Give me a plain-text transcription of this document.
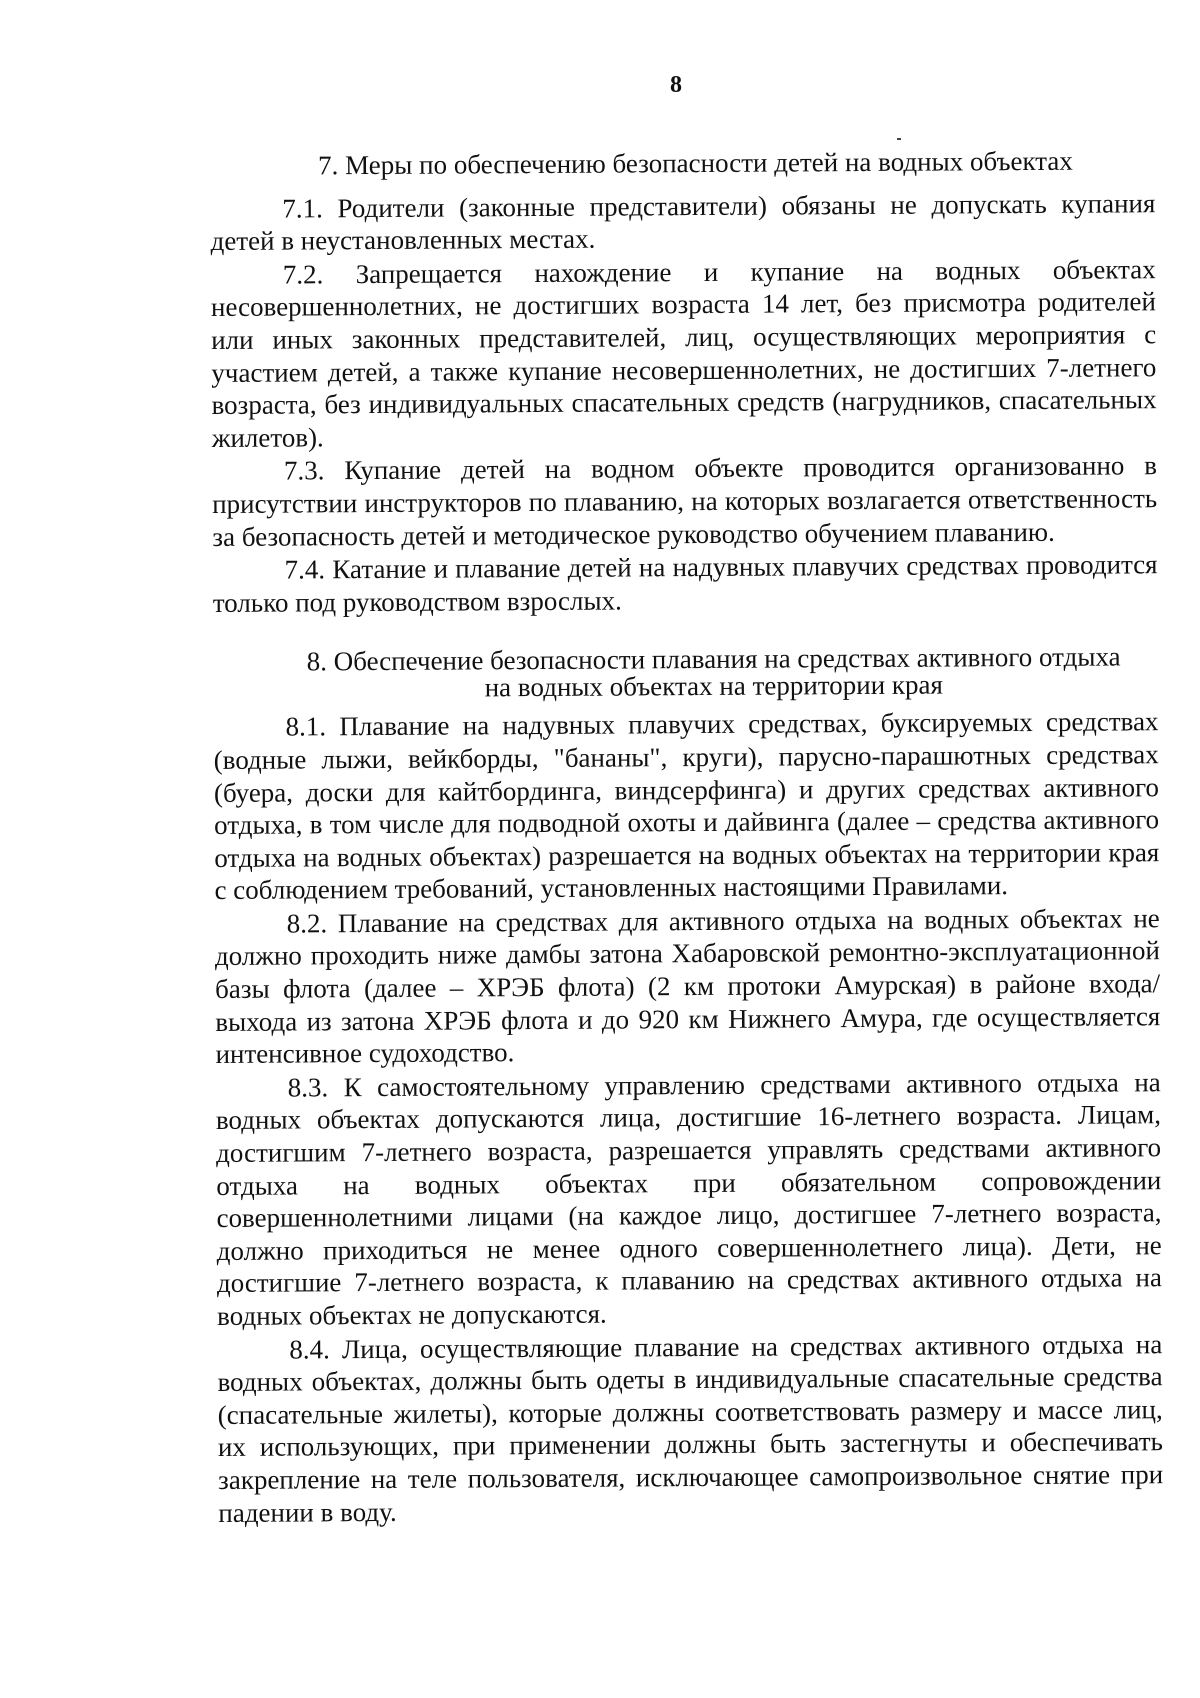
8

7. Меры по обеспечению безопасности детей на водных объектах

7.1. Родители (законные представители) обязаны не допускать купания детей в неустановленных местах.

7.2. Запрещается нахождение и купание на водных объектах несовершеннолетних, не достигших возраста 14 лет, без присмотра родителей или иных законных представителей, лиц, осуществляющих мероприятия с участием детей, а также купание несовершеннолетних, не достигших 7-летнего возраста, без индивидуальных спасательных средств (нагрудников, спасательных жилетов).

7.3. Купание детей на водном объекте проводится организованно в присутствии инструкторов по плаванию, на которых возлагается ответственность за безопасность детей и методическое руководство обучением плаванию.

7.4. Катание и плавание детей на надувных плавучих средствах проводится только под руководством взрослых.

8. Обеспечение безопасности плавания на средствах активного отдыха
на водных объектах на территории края

8.1. Плавание на надувных плавучих средствах, буксируемых средствах (водные лыжи, вейкборды, "бананы", круги), парусно-парашютных средствах (буера, доски для кайтбординга, виндсерфинга) и других средствах активного отдыха, в том числе для подводной охоты и дайвинга (далее – средства активного отдыха на водных объектах) разрешается на водных объектах на территории края с соблюдением требований, установленных настоящими Правилами.

8.2. Плавание на средствах для активного отдыха на водных объектах не должно проходить ниже дамбы затона Хабаровской ремонтно-эксплуатационной базы флота (далее – ХРЭБ флота) (2 км протоки Амурская) в районе входа/выхода из затона ХРЭБ флота и до 920 км Нижнего Амура, где осуществляется интенсивное судоходство.

8.3. К самостоятельному управлению средствами активного отдыха на водных объектах допускаются лица, достигшие 16-летнего возраста. Лицам, достигшим 7-летнего возраста, разрешается управлять средствами активного отдыха на водных объектах при обязательном сопровождении совершеннолетними лицами (на каждое лицо, достигшее 7-летнего возраста, должно приходиться не менее одного совершеннолетнего лица). Дети, не достигшие 7-летнего возраста, к плаванию на средствах активного отдыха на водных объектах не допускаются.

8.4. Лица, осуществляющие плавание на средствах активного отдыха на водных объектах, должны быть одеты в индивидуальные спасательные средства (спасательные жилеты), которые должны соответствовать размеру и массе лиц, их использующих, при применении должны быть застегнуты и обеспечивать закрепление на теле пользователя, исключающее самопроизвольное снятие при падении в воду.
